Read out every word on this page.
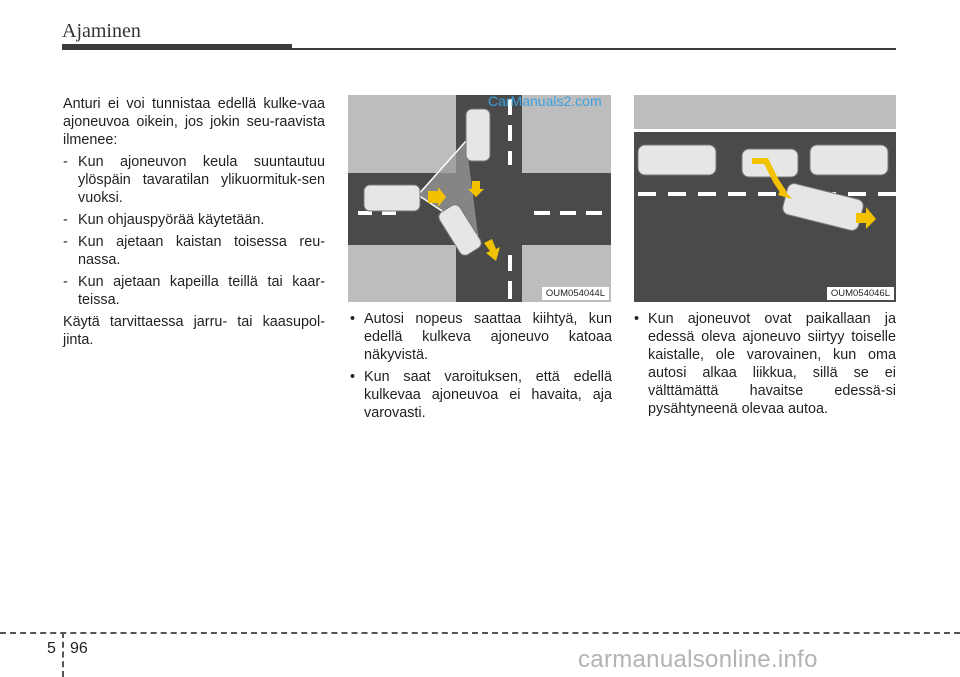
Ajaminen

Anturi ei voi tunnistaa edellä kulke-vaa ajoneuvoa oikein, jos jokin seu-raavista ilmenee:

- Kun ajoneuvon keula suuntautuu ylöspäin tavaratilan ylikuormituk-sen vuoksi.
- Kun ohjauspyörää käytetään.
- Kun ajetaan kaistan toisessa reu-nassa.
- Kun ajetaan kapeilla teillä tai kaar-teissa.

Käytä tarvittaessa jarru- tai kaasupol-jinta.

OUM054044L
CarManuals2.com
OUM054046L
• Autosi nopeus saattaa kiihtyä, kun edellä kulkeva ajoneuvo katoaa näkyvistä.
• Kun saat varoituksen, että edellä kulkevaa ajoneuvoa ei havaita, aja varovasti.
• Kun ajoneuvot ovat paikallaan ja edessä oleva ajoneuvo siirtyy toiselle kaistalle, ole varovainen, kun oma autosi alkaa liikkua, sillä se ei välttämättä havaitse edessä-si pysähtyneenä olevaa autoa.
5 96	carmanualsonline.info
